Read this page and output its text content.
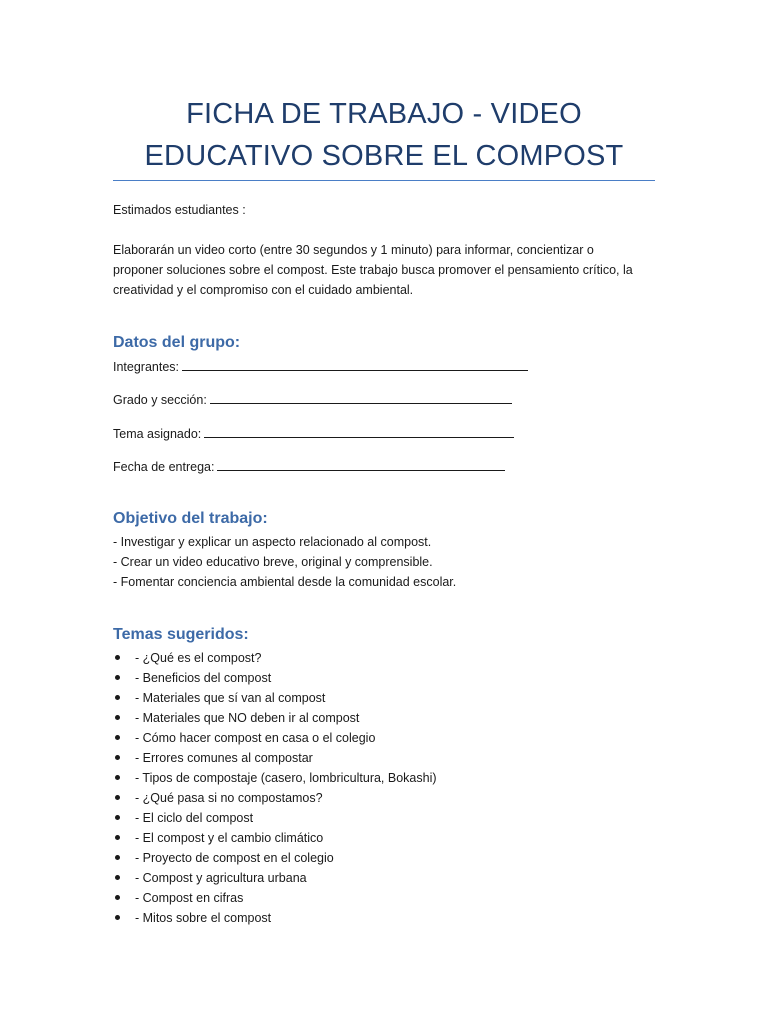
FICHA DE TRABAJO - VIDEO EDUCATIVO SOBRE EL COMPOST
Estimados estudiantes :
Elaborarán un video corto (entre 30 segundos y 1 minuto) para informar, concientizar o
proponer soluciones sobre el compost. Este trabajo busca promover el pensamiento crítico, la
creatividad y el compromiso con el cuidado ambiental.
Datos del grupo:
Integrantes:
Grado y sección:
Tema asignado:
Fecha de entrega:
Objetivo del trabajo:
- Investigar y explicar un aspecto relacionado al compost.
- Crear un video educativo breve, original y comprensible.
- Fomentar conciencia ambiental desde la comunidad escolar.
Temas sugeridos:
- ¿Qué es el compost?
- Beneficios del compost
- Materiales que sí van al compost
- Materiales que NO deben ir al compost
- Cómo hacer compost en casa o el colegio
- Errores comunes al compostar
- Tipos de compostaje (casero, lombricultura, Bokashi)
- ¿Qué pasa si no compostamos?
- El ciclo del compost
- El compost y el cambio climático
- Proyecto de compost en el colegio
- Compost y agricultura urbana
- Compost en cifras
- Mitos sobre el compost
